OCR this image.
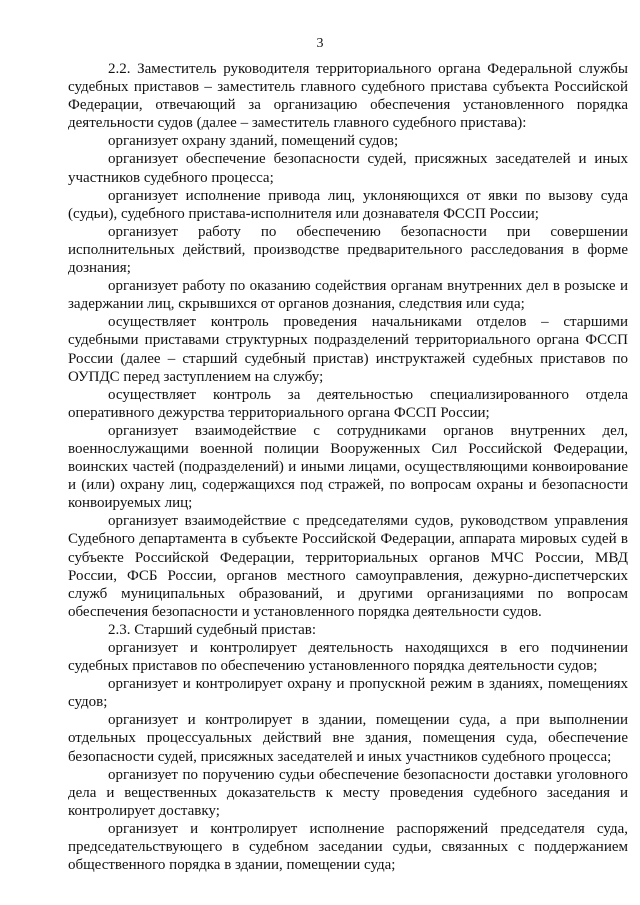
3

2.2. Заместитель руководителя территориального органа Федеральной службы судебных приставов – заместитель главного судебного пристава субъекта Российской Федерации, отвечающий за организацию обеспечения установленного порядка деятельности судов (далее – заместитель главного судебного пристава):

организует охрану зданий, помещений судов;

организует обеспечение безопасности судей, присяжных заседателей и иных участников судебного процесса;

организует исполнение привода лиц, уклоняющихся от явки по вызову суда (судьи), судебного пристава-исполнителя или дознавателя ФССП России;

организует работу по обеспечению безопасности при совершении исполнительных действий, производстве предварительного расследования в форме дознания;

организует работу по оказанию содействия органам внутренних дел в розыске и задержании лиц, скрывшихся от органов дознания, следствия или суда;

осуществляет контроль проведения начальниками отделов – старшими судебными приставами структурных подразделений территориального органа ФССП России (далее – старший судебный пристав) инструктажей судебных приставов по ОУПДС перед заступлением на службу;

осуществляет контроль за деятельностью специализированного отдела оперативного дежурства территориального органа ФССП России;

организует взаимодействие с сотрудниками органов внутренних дел, военнослужащими военной полиции Вооруженных Сил Российской Федерации, воинских частей (подразделений) и иными лицами, осуществляющими конвоирование и (или) охрану лиц, содержащихся под стражей, по вопросам охраны и безопасности конвоируемых лиц;

организует взаимодействие с председателями судов, руководством управления Судебного департамента в субъекте Российской Федерации, аппарата мировых судей в субъекте Российской Федерации, территориальных органов МЧС России, МВД России, ФСБ России, органов местного самоуправления, дежурно-диспетчерских служб муниципальных образований, и другими организациями по вопросам обеспечения безопасности и установленного порядка деятельности судов.

2.3. Старший судебный пристав:

организует и контролирует деятельность находящихся в его подчинении судебных приставов по обеспечению установленного порядка деятельности судов;

организует и контролирует охрану и пропускной режим в зданиях, помещениях судов;

организует и контролирует в здании, помещении суда, а при выполнении отдельных процессуальных действий вне здания, помещения суда, обеспечение безопасности судей, присяжных заседателей и иных участников судебного процесса;

организует по поручению судьи обеспечение безопасности доставки уголовного дела и вещественных доказательств к месту проведения судебного заседания и контролирует доставку;

организует и контролирует исполнение распоряжений председателя суда, председательствующего в судебном заседании судьи, связанных с поддержанием общественного порядка в здании, помещении суда;
